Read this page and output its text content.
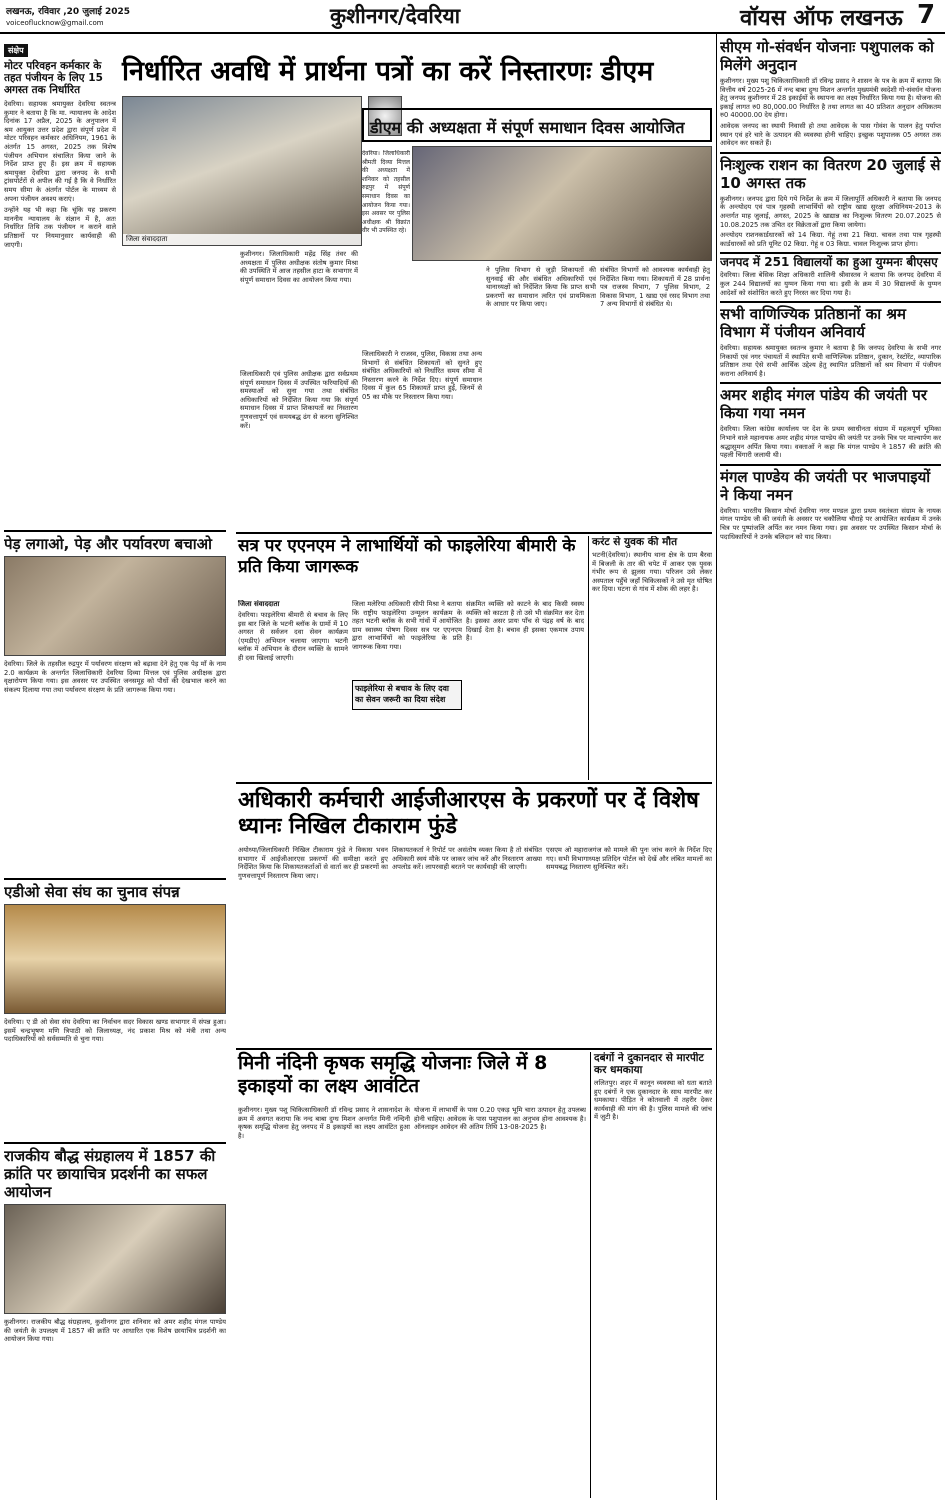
लखनऊ, रविवार ,20 जुलाई 2025
voiceoflucknow@gmail.com	कुशीनगर/देवरिया	वॉयस ऑफ लखनऊ 7
संक्षेप
मोटर परिवहन कर्मकार के तहत पंजीयन के लिए 15 अगस्त तक निर्धारित

देवरिया। सहायक श्रमायुक्त देवरिया स्वतन्त्र कुमार ने बताया है कि मा. न्यायालय के आदेश दिनांक 17 अप्रैल, 2025 के अनुपालन में श्रम आयुक्त उत्तर प्रदेश द्वारा संपूर्ण प्रदेश में मोटर परिवहन कर्मकार अधिनियम, 1961 के अंतर्गत 15 अगस्त, 2025 तक विशेष पंजीयन अभियान संचालित किया जाने के निर्देश प्राप्त हुए हैं। इस क्रम में सहायक श्रमायुक्त देवरिया द्वारा जनपद के सभी ट्रांसपोर्टरों से अपील की गई है कि वे निर्धारित समय सीमा के अंतर्गत पोर्टल के माध्यम से अपना पंजीयन अवश्य कराएं।

उन्होंने यह भी कहा कि चूंकि यह प्रकरण माननीय न्यायालय के संज्ञान में है, अतः निर्धारित तिथि तक पंजीयन न कराने वाले प्रतिष्ठानों पर नियमानुसार कार्यवाही की जाएगी।

पेड़ लगाओ, पेड़ और पर्यावरण बचाओ

देवरिया। जिले के तहसील रुद्रपुर में पर्यावरण संरक्षण को बढ़ावा देने हेतु एक पेड़ माँ के नाम 2.0 कार्यक्रम के अन्तर्गत जिलाधिकारी देवरिया दिव्या मित्तल एवं पुलिस अधीक्षक द्वारा वृक्षारोपण किया गया। इस अवसर पर उपस्थित जनसमूह को पौधों की देखभाल करने का संकल्प दिलाया गया तथा पर्यावरण संरक्षण के प्रति जागरूक किया गया।

एडीओ सेवा संघ का चुनाव संपन्न

देवरिया। ए डी ओ सेवा संघ देवरिया का निर्वाचन सदर विकास खण्ड सभागार में संपन्न हुआ। इसमें चन्द्रभूषण मणि त्रिपाठी को जिलाध्यक्ष, नंद प्रकाश मिश्र को मंत्री तथा अन्य पदाधिकारियों को सर्वसम्मति से चुना गया।

राजकीय बौद्ध संग्रहालय में 1857 की क्रांति पर छायाचित्र प्रदर्शनी का सफल आयोजन

कुशीनगर। राजकीय बौद्ध संग्रहालय, कुशीनगर द्वारा शनिवार को अमर शहीद मंगल पाण्डेय की जयंती के उपलक्ष्य में 1857 की क्रांति पर आधारित एक विशेष छायाचित्र प्रदर्शनी का आयोजन किया गया।

निर्धारित अवधि में प्रार्थना पत्रों का करें निस्तारणः डीएम
जिला संवाददाता
डीएम की अध्यक्षता में संपूर्ण समाधान दिवस आयोजित

कुशीनगर। जिलाधिकारी महेंद्र सिंह तंवर की अध्यक्षता में पुलिस अधीक्षक संतोष कुमार मिश्रा की उपस्थिति में आज तहसील हाटा के सभागार में संपूर्ण समाधान दिवस का आयोजन किया गया।

देवरिया। जिलाधिकारी श्रीमती दिव्या मित्तल की अध्यक्षता में शनिवार को तहसील रुद्रपुर में संपूर्ण समाधान दिवस का आयोजन किया गया। इस अवसर पर पुलिस अधीक्षक श्री विक्रांत वीर भी उपस्थित रहे।

जिलाधिकारी एवं पुलिस अधीक्षक द्वारा सर्वप्रथम संपूर्ण समाधान दिवस में उपस्थित फरियादियों की समस्याओं को सुना गया तथा संबंधित अधिकारियों को निर्देशित किया गया कि संपूर्ण समाधान दिवस में प्राप्त शिकायतों का निस्तारण गुणवत्तापूर्ण एवं समयबद्ध ढंग से करना सुनिश्चित करें।

जिलाधिकारी ने राजस्व, पुलिस, विकास तथा अन्य विभागों से संबंधित शिकायतों को सुनते हुए संबंधित अधिकारियों को निर्धारित समय सीमा में निस्तारण करने के निर्देश दिए। संपूर्ण समाधान दिवस में कुल 65 शिकायतें प्राप्त हुईं, जिनमें से 05 का मौके पर निस्तारण किया गया।

ने पुलिस विभाग से जुड़ी शिकायतों की सुनवाई की और संबंधित अधिकारियों एवं थानाध्यक्षों को निर्देशित किया कि प्राप्त सभी प्रकरणों का समाधान त्वरित एवं प्राथमिकता के आधार पर किया जाए।

संबंधित विभागों को आवश्यक कार्यवाही हेतु निर्देशित किया गया। शिकायतों में 28 प्रार्थना पत्र राजस्व विभाग, 7 पुलिस विभाग, 2 विकास विभाग, 1 खाद्य एवं रसद विभाग तथा 7 अन्य विभागों से संबंधित थे।

सत्र पर एएनएम ने लाभार्थियों को फाइलेरिया बीमारी के प्रति किया जागरूक
जिला संवाददाता

देवरिया। फाइलेरिया बीमारी से बचाव के लिए इस बार जिले के भटनी ब्लॉक के ग्रामों में 10 अगस्त से सर्वजन दवा सेवन कार्यक्रम (एमडीए) अभियान चलाया जाएगा। भटनी ब्लॉक में अभियान के दौरान व्यक्ति के सामने ही दवा खिलाई जाएगी।

फाइलेरिया से बचाव के लिए दवा का सेवन जरूरी का दिया संदेश

जिला मलेरिया अधिकारी सीपी मिश्रा ने बताया कि राष्ट्रीय फाइलेरिया उन्मूलन कार्यक्रम के तहत भटनी ब्लॉक के सभी गांवों में आयोजित ग्राम स्वास्थ्य पोषण दिवस सत्र पर एएनएम द्वारा लाभार्थियों को फाइलेरिया के प्रति जागरूक किया गया।

संक्रमित व्यक्ति को काटने के बाद किसी स्वस्थ व्यक्ति को काटता है तो उसे भी संक्रमित कर देता है। इसका असर प्रायः पाँच से पंद्रह वर्ष के बाद दिखाई देता है। बचाव ही इसका एकमात्र उपाय है।

करंट से युवक की मौत

भटनी(देवरिया)। स्थानीय थाना क्षेत्र के ग्राम बैरवा में बिजली के तार की चपेट में आकर एक युवक गंभीर रूप से झुलस गया। परिजन उसे लेकर अस्पताल पहुँचे जहाँ चिकित्सकों ने उसे मृत घोषित कर दिया। घटना से गांव में शोक की लहर है।

अधिकारी कर्मचारी आईजीआरएस के प्रकरणों पर दें विशेष ध्यानः निखिल टीकाराम फुंडे

अयोध्या/जिलाधिकारी निखिल टीकाराम फुंडे ने विकास भवन सभागार में आईजीआरएस प्रकरणों की समीक्षा करते हुए निर्देशित किया कि शिकायतकर्ताओं से वार्ता कर ही प्रकरणों का गुणवत्तापूर्ण निस्तारण किया जाए।

शिकायतकर्ता ने रिपोर्ट पर असंतोष व्यक्त किया है तो संबंधित अधिकारी स्वयं मौके पर जाकर जांच करें और निस्तारण आख्या अपलोड करें। लापरवाही बरतने पर कार्यवाही की जाएगी।

एसएम ओ महाराजगंज को मामले की पुनः जांच करने के निर्देश दिए गए। सभी विभागाध्यक्ष प्रतिदिन पोर्टल को देखें और लंबित मामलों का समयबद्ध निस्तारण सुनिश्चित करें।

मिनी नंदिनी कृषक समृद्धि योजनाः जिले में 8 इकाइयों का लक्ष्य आवंटित

कुशीनगर। मुख्य पशु चिकित्साधिकारी डॉ रविन्द्र प्रसाद ने शासनादेश के क्रम में अवगत कराया कि नन्द बाबा दुग्ध मिशन अन्तर्गत मिनी नन्दिनी कृषक समृद्धि योजना हेतु जनपद में 8 इकाइयों का लक्ष्य आवंटित हुआ है।

योजना में लाभार्थी के पास 0.20 एकड़ भूमि चारा उत्पादन हेतु उपलब्ध होनी चाहिए। आवेदक के पास पशुपालन का अनुभव होना आवश्यक है। ऑनलाइन आवेदन की अंतिम तिथि 13-08-2025 है।

दबंगों ने दुकानदार से मारपीट कर धमकाया

ललितपुर। शहर में कानून व्यवस्था को धता बताते हुए दबंगों ने एक दुकानदार के साथ मारपीट कर धमकाया। पीड़ित ने कोतवाली में तहरीर देकर कार्यवाही की मांग की है। पुलिस मामले की जांच में जुटी है।

सीएम गो-संवर्धन योजनाः पशुपालक को मिलेंगे अनुदान

कुशीनगर। मुख्य पशु चिकित्साधिकारी डॉ रविन्द्र प्रसाद ने शासन के पत्र के क्रम में बताया कि वित्तीय वर्ष 2025-26 में नन्द बाबा दुग्ध मिशन अन्तर्गत मुख्यमंत्री स्वदेशी गो-संवर्धन योजना हेतु जनपद कुशीनगर में 28 इकाईयों के स्थापना का लक्ष्य निर्धारित किया गया है। योजना की इकाई लागत रु0 80,000.00 निर्धारित है तथा लागत का 40 प्रतिशत अनुदान अधिकतम रु0 40000.00 देय होगा।

आवेदक जनपद का स्थायी निवासी हो तथा आवेदक के पास गोवंश के पालन हेतु पर्याप्त स्थान एवं हरे चारे के उत्पादन की व्यवस्था होनी चाहिए। इच्छुक पशुपालक 05 अगस्त तक आवेदन कर सकते हैं।

निःशुल्क राशन का वितरण 20 जुलाई से 10 अगस्त तक

कुशीनगर। जनपद द्वारा दिये गये निर्देश के क्रम में जिलापूर्ति अधिकारी ने बताया कि जनपद के अन्त्योदय एवं पात्र गृहस्थी लाभार्थियों को राष्ट्रीय खाद्य सुरक्षा अधिनियम-2013 के अन्तर्गत माह जुलाई, अगस्त, 2025 के खाद्यान्न का निःशुल्क वितरण 20.07.2025 से 10.08.2025 तक उचित दर विक्रेताओं द्वारा किया जायेगा।

अन्त्योदय राशनकार्डधारकों को 14 किग्रा. गेहूं तथा 21 किग्रा. चावल तथा पात्र गृहस्थी कार्डधारकों को प्रति यूनिट 02 किग्रा. गेहूं व 03 किग्रा. चावल निःशुल्क प्राप्त होगा।

जनपद में 251 विद्यालयों का हुआ युग्मनः बीएसए

देवरिया। जिला बेसिक शिक्षा अधिकारी शालिनी श्रीवास्तव ने बताया कि जनपद देवरिया में कुल 244 विद्यालयों का युग्मन किया गया था। इसी के क्रम में 30 विद्यालयों के युग्मन आदेशों को संशोधित करते हुए निरस्त कर दिया गया है।

सभी वाणिज्यिक प्रतिष्ठानों का श्रम विभाग में पंजीयन अनिवार्य

देवरिया। सहायक श्रमायुक्त स्वतन्त्र कुमार ने बताया है कि जनपद देवरिया के सभी नगर निकायों एवं नगर पंचायतों में स्थापित सभी वाणिज्यिक प्रतिष्ठान, दुकान, रेस्टोरेंट, व्यापारिक प्रतिष्ठान तथा ऐसे सभी आर्थिक उद्देश्य हेतु स्थापित प्रतिष्ठानों को श्रम विभाग में पंजीयन कराना अनिवार्य है।

अमर शहीद मंगल पांडेय की जयंती पर किया गया नमन

देवरिया। जिला कांग्रेस कार्यालय पर देश के प्रथम स्वाधीनता संग्राम में महत्वपूर्ण भूमिका निभाने वाले महानायक अमर शहीद मंगल पाण्डेय की जयंती पर उनके चित्र पर माल्यार्पण कर श्रद्धासुमन अर्पित किया गया। वक्ताओं ने कहा कि मंगल पाण्डेय ने 1857 की क्रांति की पहली चिंगारी जलायी थी।

मंगल पाण्डेय की जयंती पर भाजपाइयों ने किया नमन

देवरिया। भारतीय किसान मोर्चा देवरिया नगर मण्डल द्वारा प्रथम स्वतंत्रता संग्राम के नायक मंगल पाण्डेय जी की जयंती के अवसर पर चकौलिया चौराहे पर आयोजित कार्यक्रम में उनके चित्र पर पुष्पांजलि अर्पित कर नमन किया गया। इस अवसर पर उपस्थित किसान मोर्चा के पदाधिकारियों ने उनके बलिदान को याद किया।
